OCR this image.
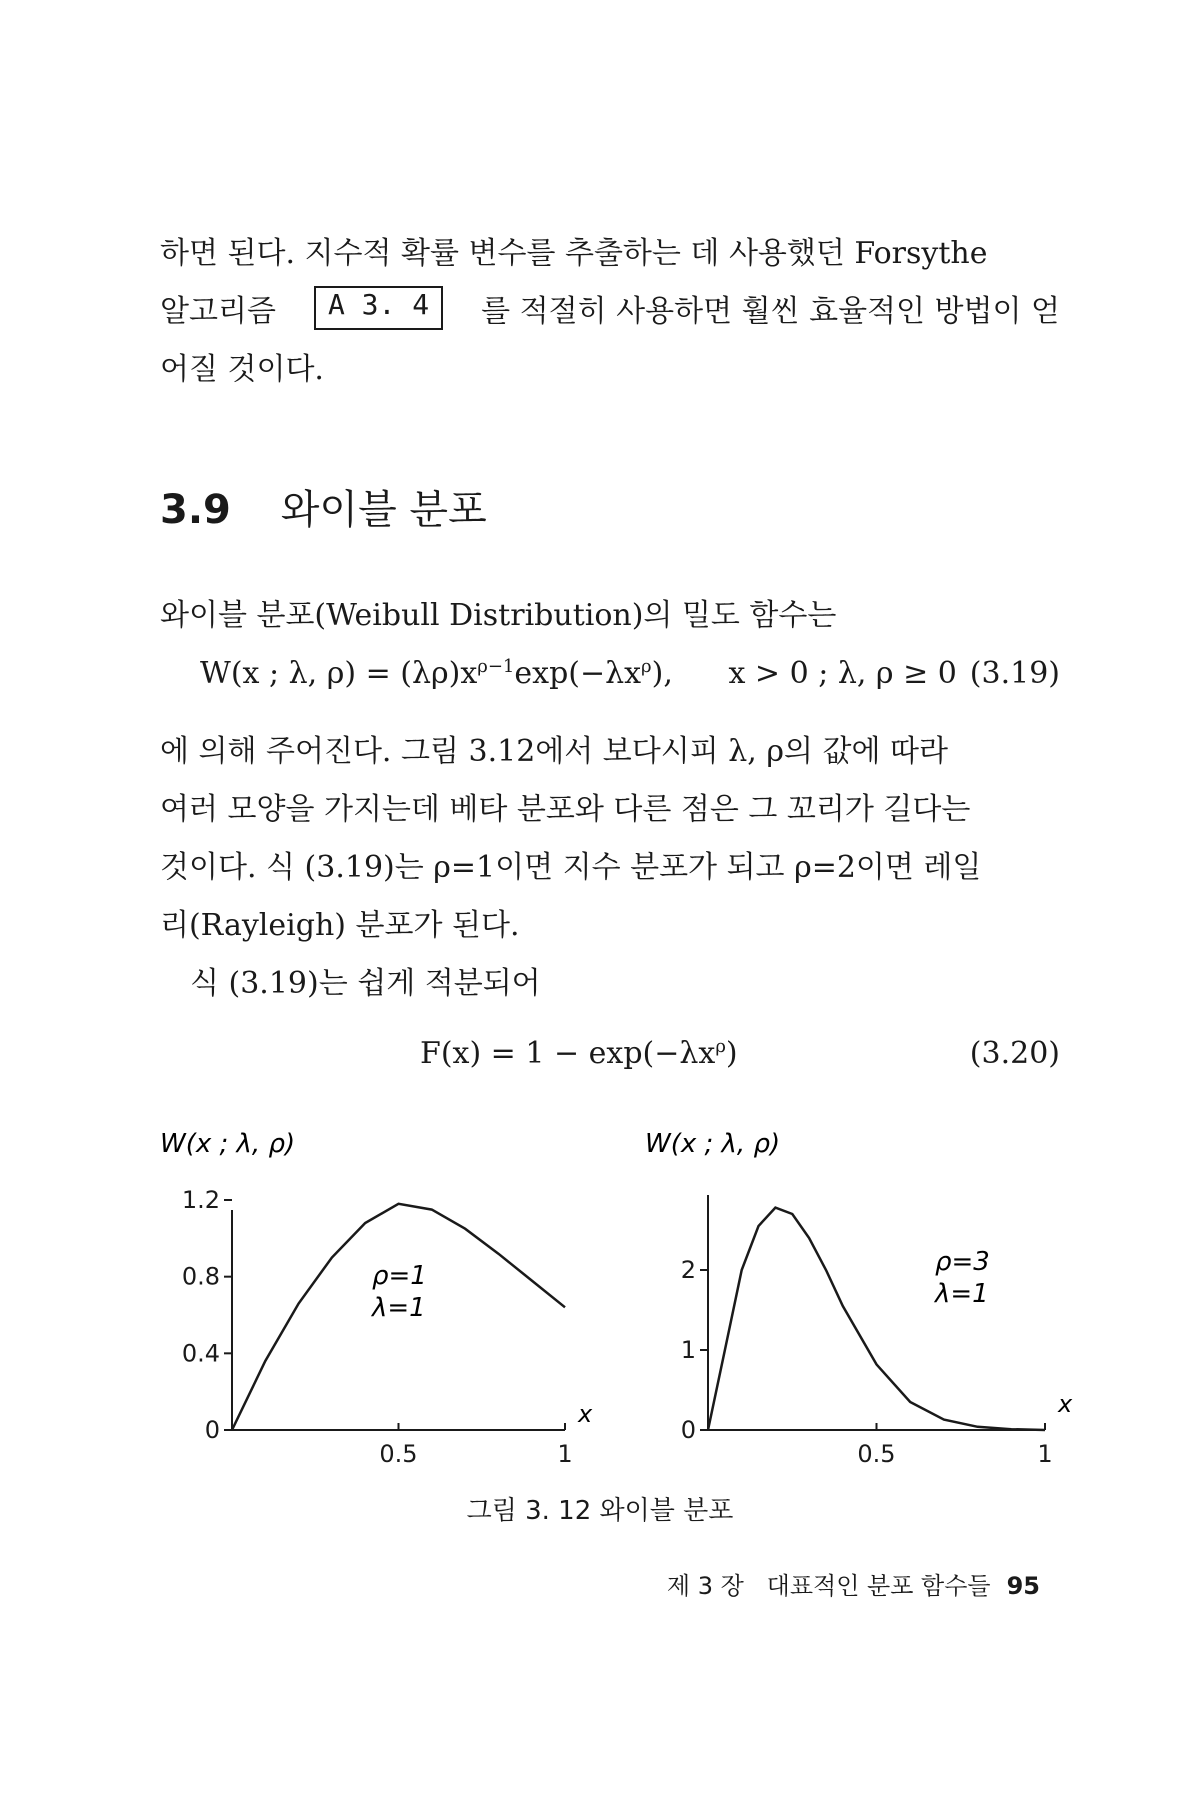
하면 된다. 지수적 확률 변수를 추출하는 데 사용했던 Forsythe
알고리즘	A 3. 4	를 적절히 사용하면 훨씬 효율적인 방법이 얻
어질 것이다.
3.9 와이블 분포
와이블 분포(Weibull Distribution)의 밀도 함수는
W(x ; λ, $\rho) = (\lambda\rho)x^{\rho-1}\exp(-\lambda x^\rho)$, x > 0 ; λ, ρ ≥ 0 (3.19)
에 의해 주어진다. 그림 3.12에서 보다시피 λ, ρ의 값에 따라
여러 모양을 가지는데 베타 분포와 다른 점은 그 꼬리가 길다는
것이다. 식 (3.19)는 ρ=1이면 지수 분포가 되고 ρ=2이면 레일
리(Rayleigh) 분포가 된다.
식 (3.19)는 쉽게 적분되어
$F(x) = 1 - \exp(-\lambda x^\rho)$	(3.20)
W(x ; λ, ρ)
0
0.4
0.8
1.2
0.5	1
x
ρ=1
λ=1
W(x ; λ, ρ)
0
1
2
0.5	1
x
ρ=3
λ=1
그림 3. 12 와이블 분포
제 3 장   대표적인 분포 함수들 95
